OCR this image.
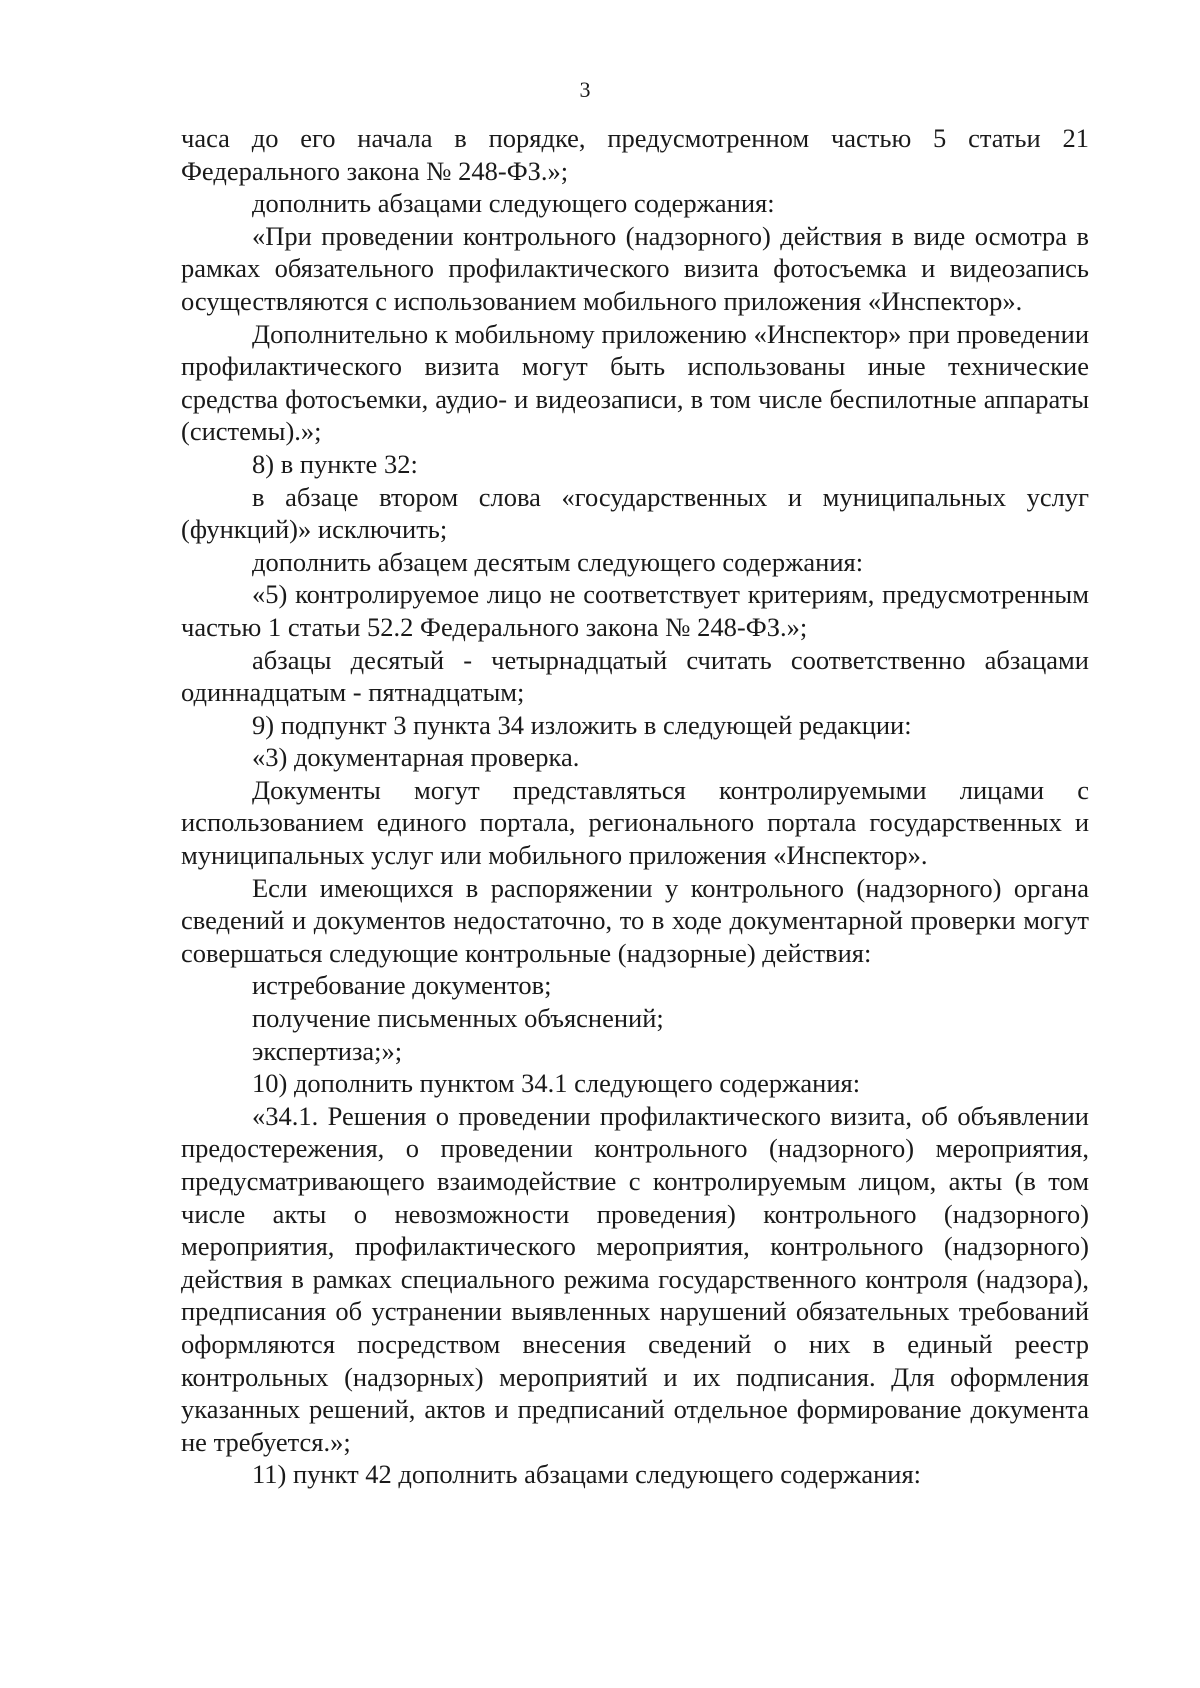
3

часа до его начала в порядке, предусмотренном частью 5 статьи 21 Федерального закона № 248-ФЗ.»;

дополнить абзацами следующего содержания:

«При проведении контрольного (надзорного) действия в виде осмотра в рамках обязательного профилактического визита фотосъемка и видеозапись осуществляются с использованием мобильного приложения «Инспектор».

Дополнительно к мобильному приложению «Инспектор» при проведении профилактического визита могут быть использованы иные технические средства фотосъемки, аудио- и видеозаписи, в том числе беспилотные аппараты (системы).»;

8) в пункте 32:

в абзаце втором слова «государственных и муниципальных услуг (функций)» исключить;

дополнить абзацем десятым следующего содержания:

«5) контролируемое лицо не соответствует критериям, предусмотренным частью 1 статьи 52.2 Федерального закона № 248-ФЗ.»;

абзацы десятый - четырнадцатый считать соответственно абзацами одиннадцатым - пятнадцатым;

9) подпункт 3 пункта 34 изложить в следующей редакции:

«3) документарная проверка.

Документы могут представляться контролируемыми лицами с использованием единого портала, регионального портала государственных и муниципальных услуг или мобильного приложения «Инспектор».

Если имеющихся в распоряжении у контрольного (надзорного) органа сведений и документов недостаточно, то в ходе документарной проверки могут совершаться следующие контрольные (надзорные) действия:

истребование документов;

получение письменных объяснений;

экспертиза;»;

10) дополнить пунктом 34.1 следующего содержания:

«34.1. Решения о проведении профилактического визита, об объявлении предостережения, о проведении контрольного (надзорного) мероприятия, предусматривающего взаимодействие с контролируемым лицом, акты (в том числе акты о невозможности проведения) контрольного (надзорного) мероприятия, профилактического мероприятия, контрольного (надзорного) действия в рамках специального режима государственного контроля (надзора), предписания об устранении выявленных нарушений обязательных требований оформляются посредством внесения сведений о них в единый реестр контрольных (надзорных) мероприятий и их подписания. Для оформления указанных решений, актов и предписаний отдельное формирование документа не требуется.»;

11) пункт 42 дополнить абзацами следующего содержания:
